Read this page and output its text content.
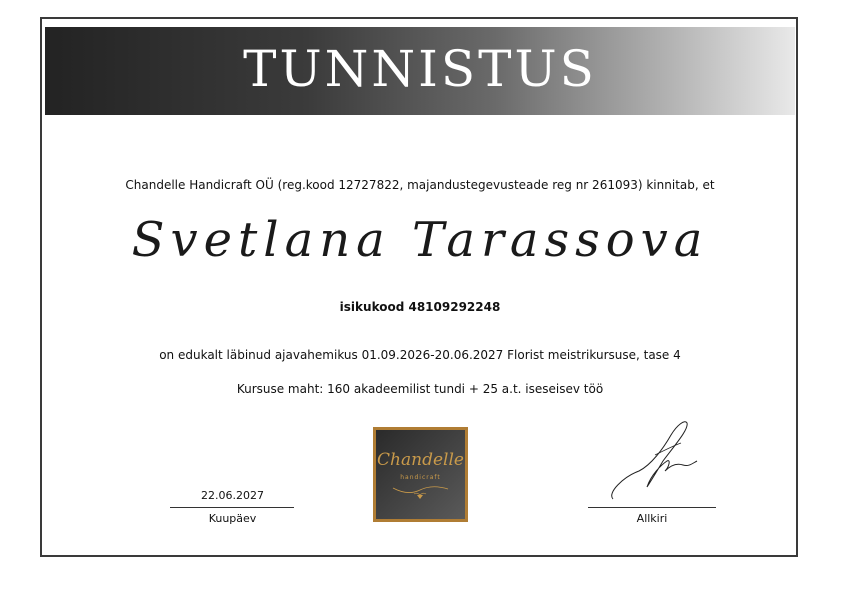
TUNNISTUS
Chandelle Handicraft OÜ (reg.kood 12727822, majandustegevusteade reg nr 261093) kinnitab, et
Svetlana Tarassova
isikukood 48109292248
on edukalt läbinud ajavahemikus 01.09.2026-20.06.2027 Florist meistrikursuse, tase 4
Kursuse maht: 160 akadeemilist tundi + 25 a.t. iseseisev töö
22.06.2027
Kuupäev
Chandelle
handicraft
Allkiri
